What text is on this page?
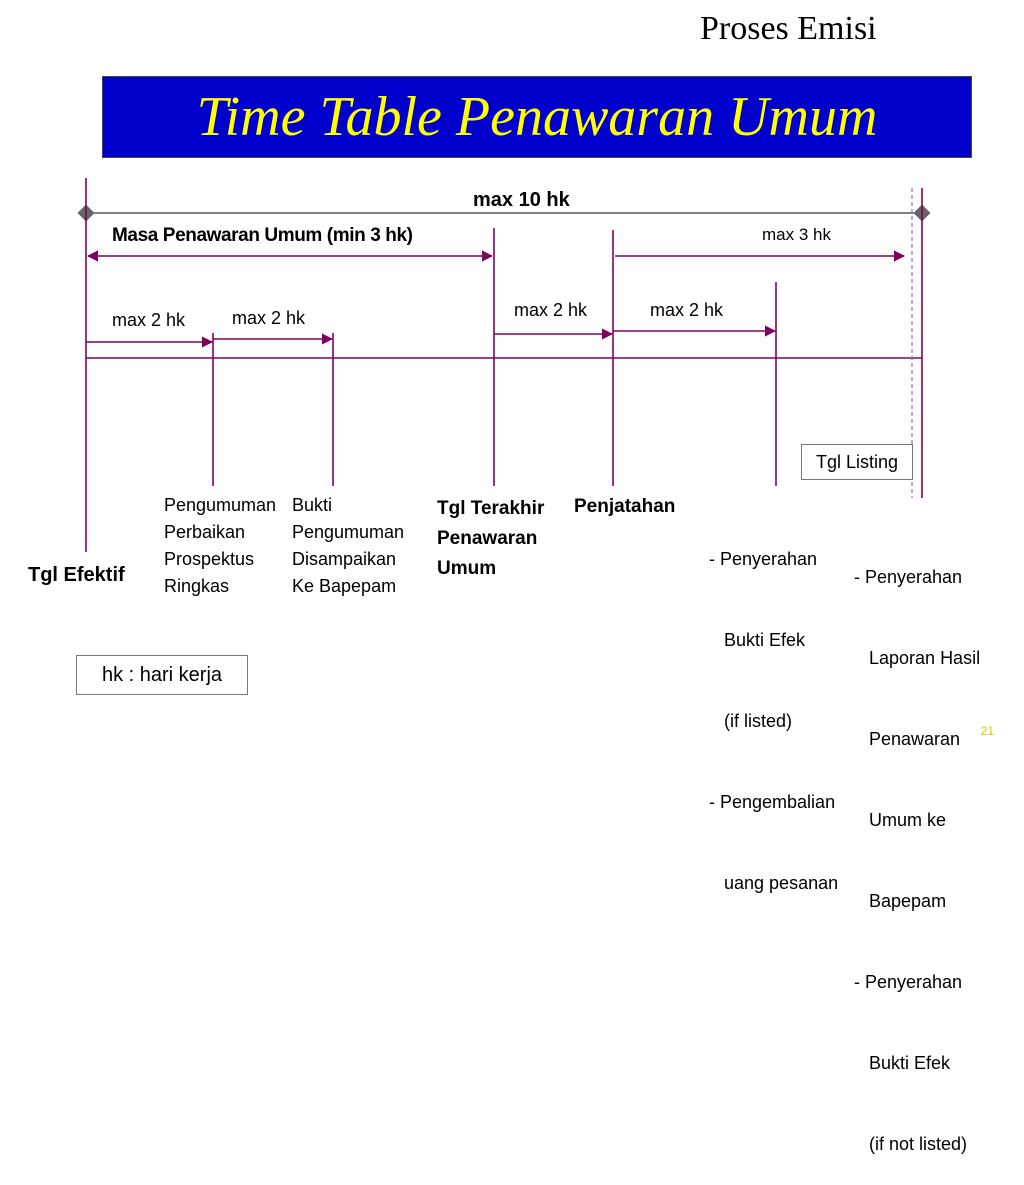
Proses Emisi
Time Table Penawaran Umum
max 10 hk
Masa Penawaran Umum (min 3 hk)	max 3 hk
max 2 hk	max 2 hk	max 2 hk	max 2 hk
Tgl Efektif
Pengumuman
Perbaikan
Prospektus
Ringkas
Bukti
Pengumuman
Disampaikan
Ke Bapepam
Tgl Terakhir
Penawaran
Umum
Penjatahan

- Penyerahan

Bukti Efek

(if listed)

- Pengembalian

uang pesanan

Tgl Listing

- Penyerahan

Laporan Hasil

Penawaran

Umum ke

Bapepam

- Penyerahan

Bukti Efek

(if not listed)

hk : hari kerja
21
